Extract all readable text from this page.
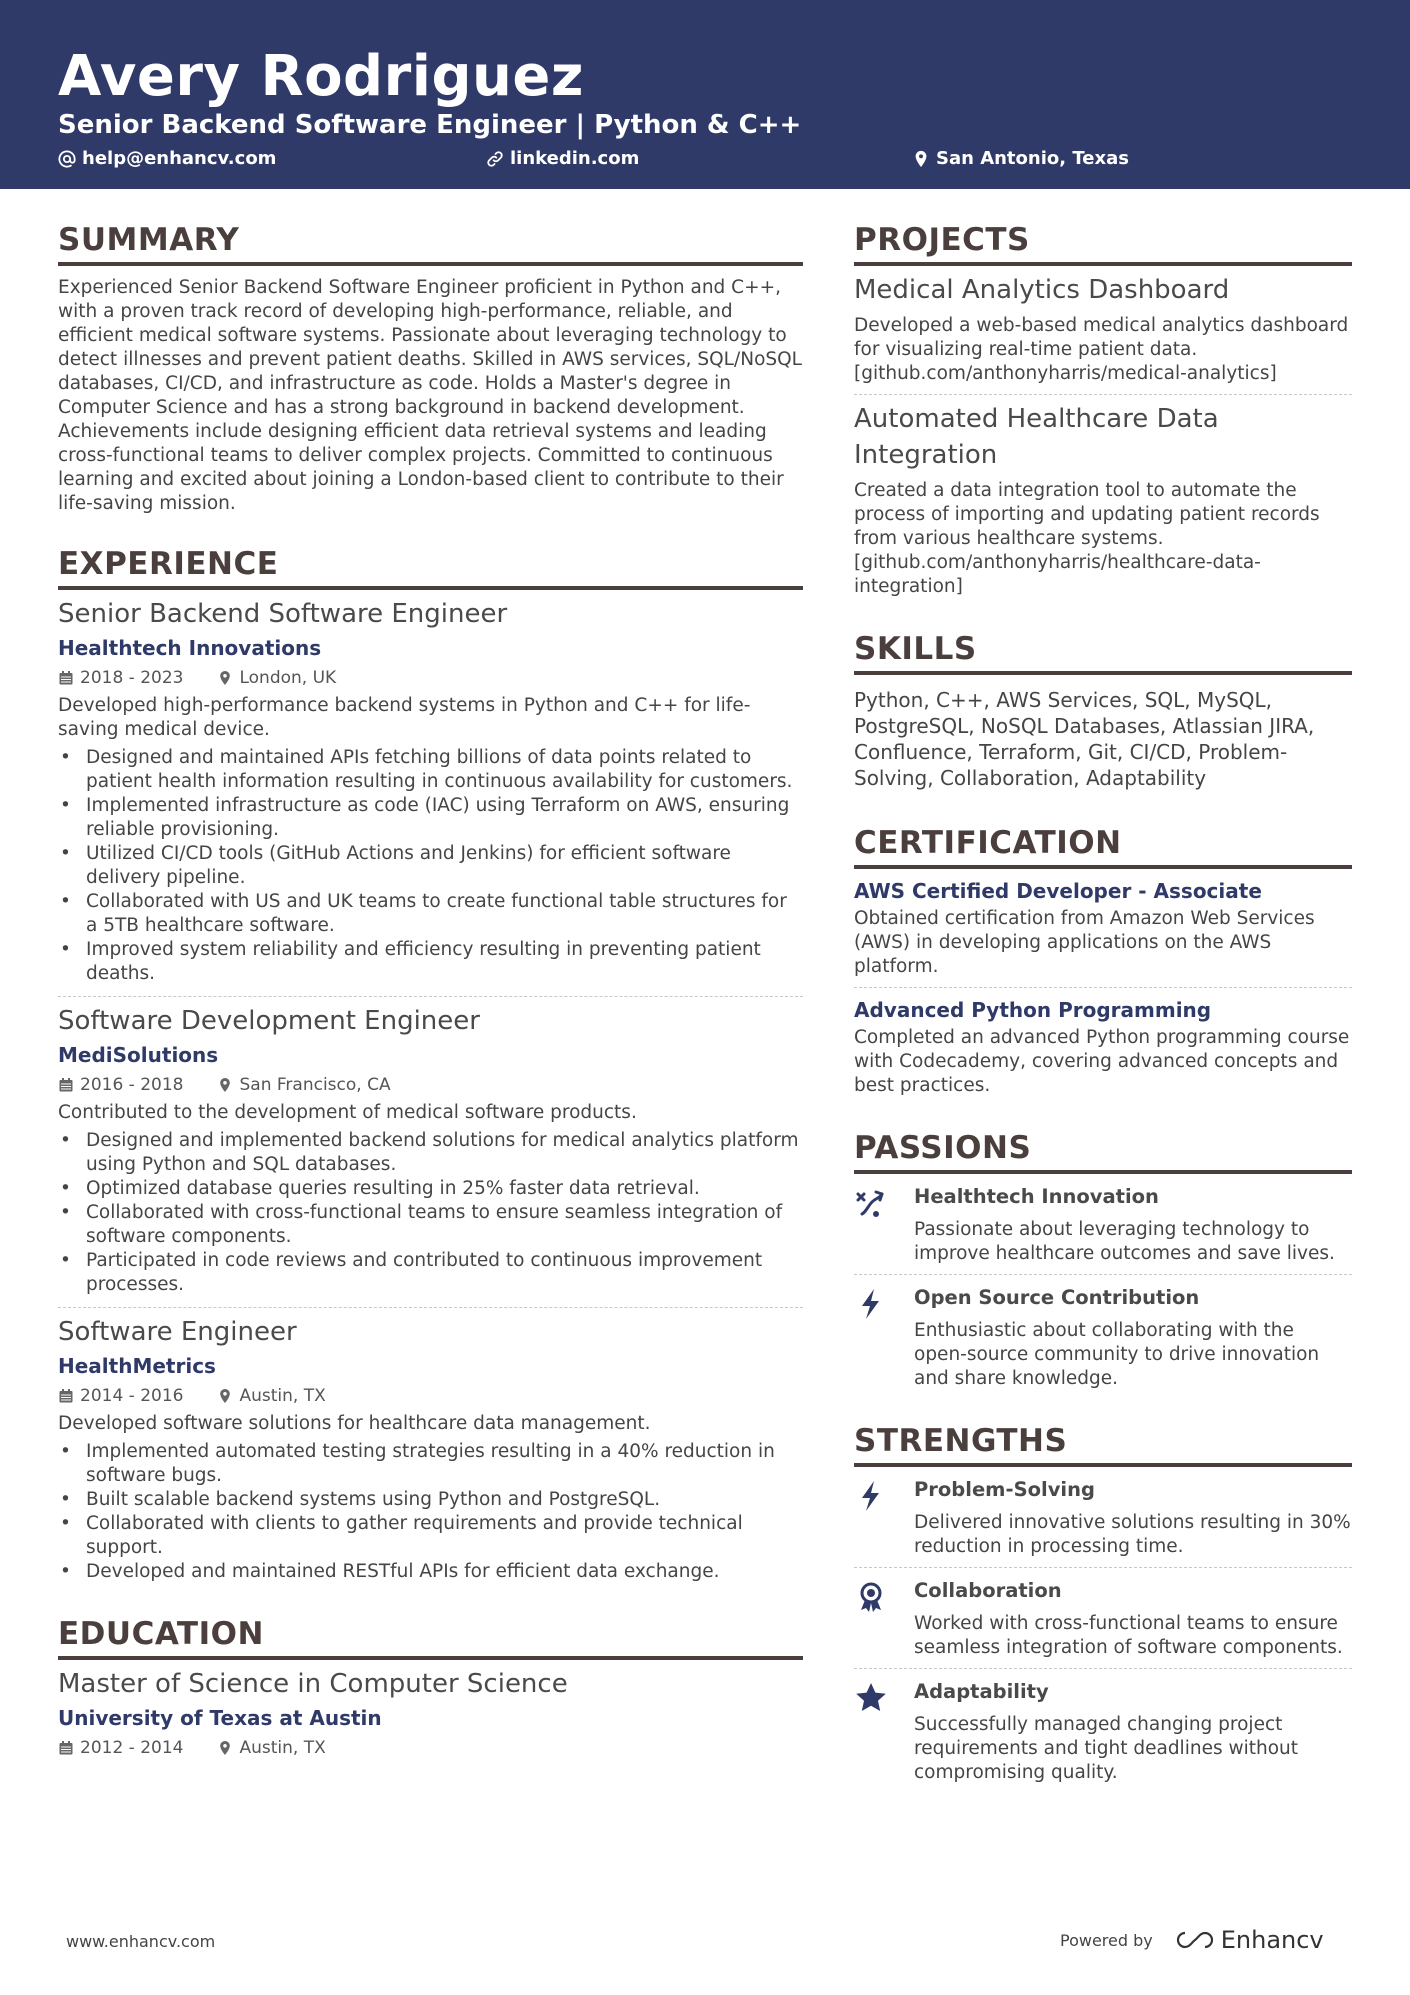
Avery Rodriguez
Senior Backend Software Engineer | Python & C++
help@enhancv.com	linkedin.com	San Antonio, Texas
SUMMARY
Experienced Senior Backend Software Engineer proficient in Python and C++, with a proven track record of developing high-performance, reliable, and efficient medical software systems. Passionate about leveraging technology to detect illnesses and prevent patient deaths. Skilled in AWS services, SQL/NoSQL databases, CI/CD, and infrastructure as code. Holds a Master's degree in Computer Science and has a strong background in backend development. Achievements include designing efficient data retrieval systems and leading cross-functional teams to deliver complex projects. Committed to continuous learning and excited about joining a London-based client to contribute to their life-saving mission.
EXPERIENCE
Senior Backend Software Engineer
Healthtech Innovations
2018 - 2023	London, UK
Developed high-performance backend systems in Python and C++ for life-saving medical device.
• Designed and maintained APIs fetching billions of data points related to patient health information resulting in continuous availability for customers.
• Implemented infrastructure as code (IAC) using Terraform on AWS, ensuring reliable provisioning.
• Utilized CI/CD tools (GitHub Actions and Jenkins) for efficient software delivery pipeline.
• Collaborated with US and UK teams to create functional table structures for a 5TB healthcare software.
• Improved system reliability and efficiency resulting in preventing patient deaths.
Software Development Engineer
MediSolutions
2016 - 2018	San Francisco, CA
Contributed to the development of medical software products.
• Designed and implemented backend solutions for medical analytics platform using Python and SQL databases.
• Optimized database queries resulting in 25% faster data retrieval.
• Collaborated with cross-functional teams to ensure seamless integration of software components.
• Participated in code reviews and contributed to continuous improvement processes.
Software Engineer
HealthMetrics
2014 - 2016	Austin, TX
Developed software solutions for healthcare data management.
• Implemented automated testing strategies resulting in a 40% reduction in software bugs.
• Built scalable backend systems using Python and PostgreSQL.
• Collaborated with clients to gather requirements and provide technical support.
• Developed and maintained RESTful APIs for efficient data exchange.
EDUCATION
Master of Science in Computer Science
University of Texas at Austin
2012 - 2014	Austin, TX
PROJECTS
Medical Analytics Dashboard
Developed a web-based medical analytics dashboard for visualizing real-time patient data. [github.com/anthonyharris/medical-analytics]
Automated Healthcare Data Integration
Created a data integration tool to automate the process of importing and updating patient records from various healthcare systems. [github.com/anthonyharris/healthcare-data-integration]
SKILLS
Python, C++, AWS Services, SQL, MySQL, PostgreSQL, NoSQL Databases, Atlassian JIRA, Confluence, Terraform, Git, CI/CD, Problem-Solving, Collaboration, Adaptability
CERTIFICATION
AWS Certified Developer - Associate
Obtained certification from Amazon Web Services (AWS) in developing applications on the AWS platform.
Advanced Python Programming
Completed an advanced Python programming course with Codecademy, covering advanced concepts and best practices.
PASSIONS
Healthtech Innovation
Passionate about leveraging technology to improve healthcare outcomes and save lives.
Open Source Contribution
Enthusiastic about collaborating with the open-source community to drive innovation and share knowledge.
STRENGTHS
Problem-Solving
Delivered innovative solutions resulting in 30% reduction in processing time.
Collaboration
Worked with cross-functional teams to ensure seamless integration of software components.
Adaptability
Successfully managed changing project requirements and tight deadlines without compromising quality.
www.enhancv.com	Powered by	Enhancv
